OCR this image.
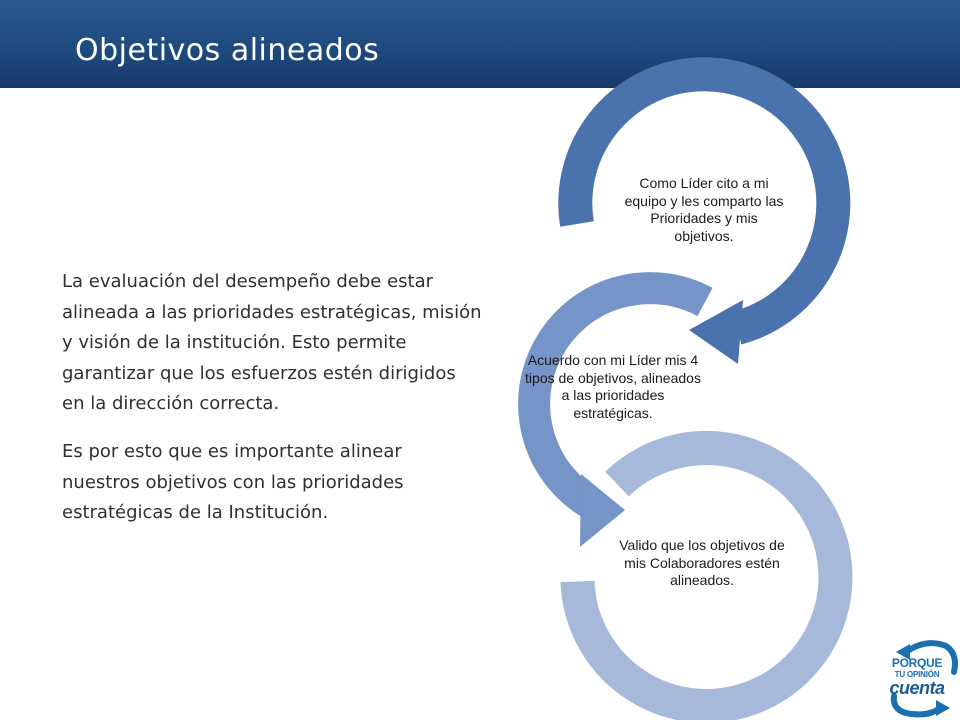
Objetivos alineados

La evaluación del desempeño debe estar alineada a las prioridades estratégicas, misión y visión de la institución. Esto permite garantizar que los esfuerzos estén dirigidos en la dirección correcta.

Es por esto que es importante alinear nuestros objetivos con las prioridades estratégicas de la Institución.

Como Líder cito a mi equipo y les comparto las Prioridades y mis objetivos.
Acuerdo con mi Líder mis 4 tipos de objetivos, alineados a las prioridades estratégicas.
Valido que los objetivos de mis Colaboradores estén alineados.
PORQUE
TU OPINIÓN
cuenta
